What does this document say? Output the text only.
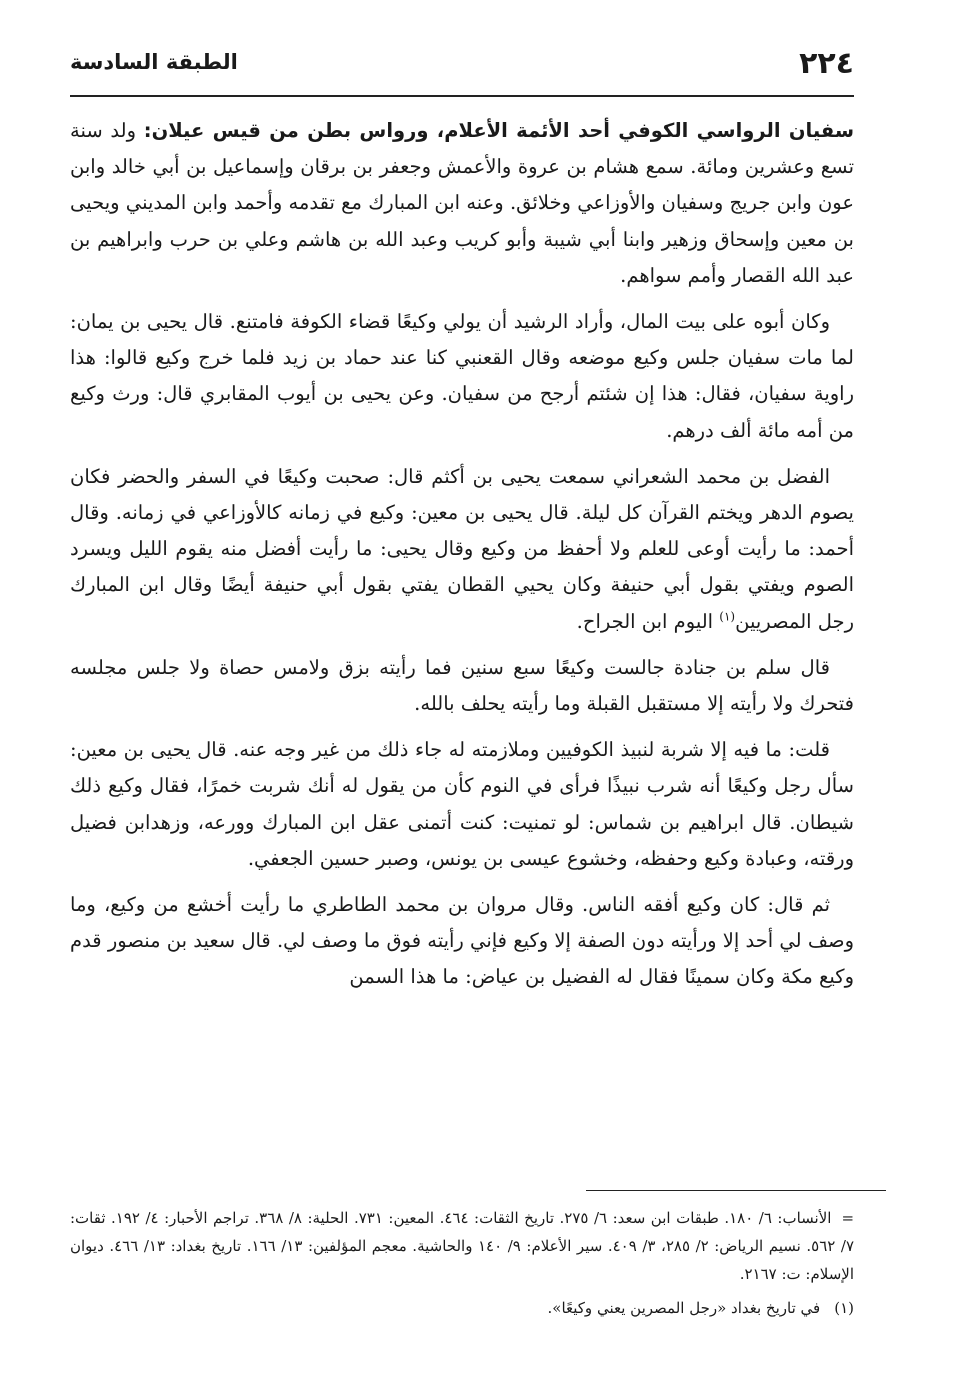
٢٢٤
الطبقة السادسة

سفيان الرواسي الكوفي أحد الأئمة الأعلام، ورواس بطن من قيس عيلان: ولد سنة تسع وعشرين ومائة. سمع هشام بن عروة والأعمش وجعفر بن برقان وإسماعيل بن أبي خالد وابن عون وابن جريج وسفيان والأوزاعي وخلائق. وعنه ابن المبارك مع تقدمه وأحمد وابن المديني ويحيى بن معين وإسحاق وزهير وابنا أبي شيبة وأبو كريب وعبد الله بن هاشم وعلي بن حرب وابراهيم بن عبد الله القصار وأمم سواهم.

وكان أبوه على بيت المال، وأراد الرشيد أن يولي وكيعًا قضاء الكوفة فامتنع. قال يحيى بن يمان: لما مات سفيان جلس وكيع موضعه وقال القعنبي كنا عند حماد بن زيد فلما خرج وكيع قالوا: هذا راوية سفيان، فقال: هذا إن شئتم أرجح من سفيان. وعن يحيى بن أيوب المقابري قال: ورث وكيع من أمه مائة ألف درهم.

الفضل بن محمد الشعراني سمعت يحيى بن أكثم قال: صحبت وكيعًا في السفر والحضر فكان يصوم الدهر ويختم القرآن كل ليلة. قال يحيى بن معين: وكيع في زمانه كالأوزاعي في زمانه. وقال أحمد: ما رأيت أوعى للعلم ولا أحفظ من وكيع وقال يحيى: ما رأيت أفضل منه يقوم الليل ويسرد الصوم ويفتي بقول أبي حنيفة وكان يحيي القطان يفتي بقول أبي حنيفة أيضًا وقال ابن المبارك رجل المصريين$^{(١)}$ اليوم ابن الجراح.

قال سلم بن جنادة جالست وكيعًا سبع سنين فما رأيته بزق ولامس حصاة ولا جلس مجلسه فتحرك ولا رأيته إلا مستقبل القبلة وما رأيته يحلف بالله.

قلت: ما فيه إلا شربة لنبيذ الكوفيين وملازمته له جاء ذلك من غير وجه عنه. قال يحيى بن معين: سأل رجل وكيعًا أنه شرب نبيذًا فرأى في النوم كأن من يقول له أنك شربت خمرًا، فقال وكيع ذلك شيطان. قال ابراهيم بن شماس: لو تمنيت: كنت أتمنى عقل ابن المبارك وورعه، وزهدابن فضيل ورقته، وعبادة وكيع وحفظه، وخشوع عيسى بن يونس، وصبر حسين الجعفي.

ثم قال: كان وكيع أفقه الناس. وقال مروان بن محمد الطاطري ما رأيت أخشع من وكيع، وما وصف لي أحد إلا ورأيته دون الصفة إلا وكيع فإني رأيته فوق ما وصف لي. قال سعيد بن منصور قدم وكيع مكة وكان سمينًا فقال له الفضيل بن عياض: ما هذا السمن

=الأنساب: ٦/ ١٨٠. طبقات ابن سعد: ٦/ ٢٧٥. تاريخ الثقات: ٤٦٤. المعين: ٧٣١. الحلية: ٨/ ٣٦٨. تراجم الأحبار: ٤/ ١٩٢. ثقات: ٧/ ٥٦٢. نسيم الرياض: ٢/ ٢٨٥، ٣/ ٤٠٩. سير الأعلام: ٩/ ١٤٠ والحاشية. معجم المؤلفين: ١٣/ ١٦٦. تاريخ بغداد: ١٣/ ٤٦٦. ديوان الإسلام: ت: ٢١٦٧.

(١)في تاريخ بغداد «رجل المصرين يعني وكيعًا».
